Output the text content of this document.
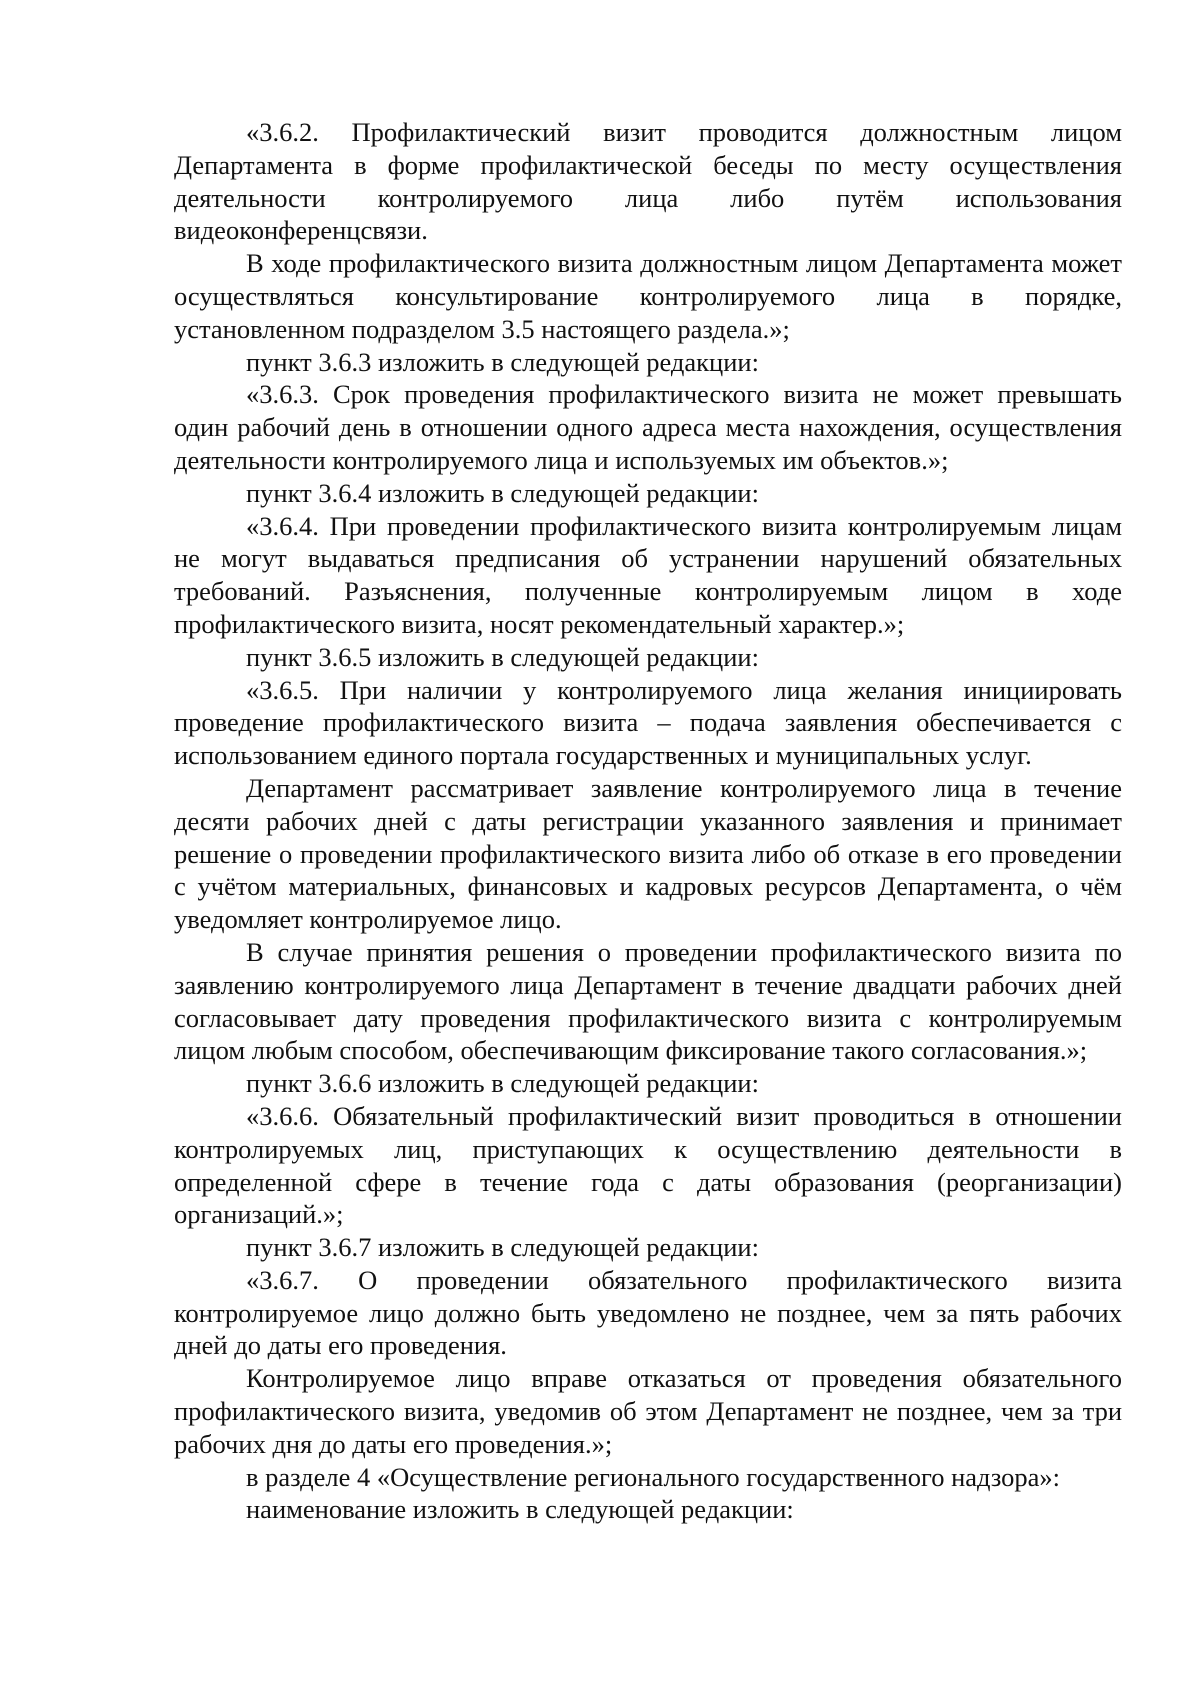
«3.6.2. Профилактический визит проводится должностным лицом Департамента в форме профилактической беседы по месту осуществления деятельности контролируемого лица либо путём использования видеоконференцсвязи.

В ходе профилактического визита должностным лицом Департамента может осуществляться консультирование контролируемого лица в порядке, установленном подразделом 3.5 настоящего раздела.»;

пункт 3.6.3 изложить в следующей редакции:

«3.6.3. Срок проведения профилактического визита не может превышать один рабочий день в отношении одного адреса места нахождения, осуществления деятельности контролируемого лица и используемых им объектов.»;

пункт 3.6.4 изложить в следующей редакции:

«3.6.4. При проведении профилактического визита контролируемым лицам не могут выдаваться предписания об устранении нарушений обязательных требований. Разъяснения, полученные контролируемым лицом в ходе профилактического визита, носят рекомендательный характер.»;

пункт 3.6.5 изложить в следующей редакции:

«3.6.5. При наличии у контролируемого лица желания инициировать проведение профилактического визита – подача заявления обеспечивается с использованием единого портала государственных и муниципальных услуг.

Департамент рассматривает заявление контролируемого лица в течение десяти рабочих дней с даты регистрации указанного заявления и принимает решение о проведении профилактического визита либо об отказе в его проведении с учётом материальных, финансовых и кадровых ресурсов Департамента, о чём уведомляет контролируемое лицо.

В случае принятия решения о проведении профилактического визита по заявлению контролируемого лица Департамент в течение двадцати рабочих дней согласовывает дату проведения профилактического визита с контролируемым лицом любым способом, обеспечивающим фиксирование такого согласования.»;

пункт 3.6.6 изложить в следующей редакции:

«3.6.6. Обязательный профилактический визит проводиться в отношении контролируемых лиц, приступающих к осуществлению деятельности в определенной сфере в течение года с даты образования (реорганизации) организаций.»;

пункт 3.6.7 изложить в следующей редакции:

«3.6.7. О проведении обязательного профилактического визита контролируемое лицо должно быть уведомлено не позднее, чем за пять рабочих дней до даты его проведения.

Контролируемое лицо вправе отказаться от проведения обязательного профилактического визита, уведомив об этом Департамент не позднее, чем за три рабочих дня до даты его проведения.»;

в разделе 4 «Осуществление регионального государственного надзора»:

наименование изложить в следующей редакции:
